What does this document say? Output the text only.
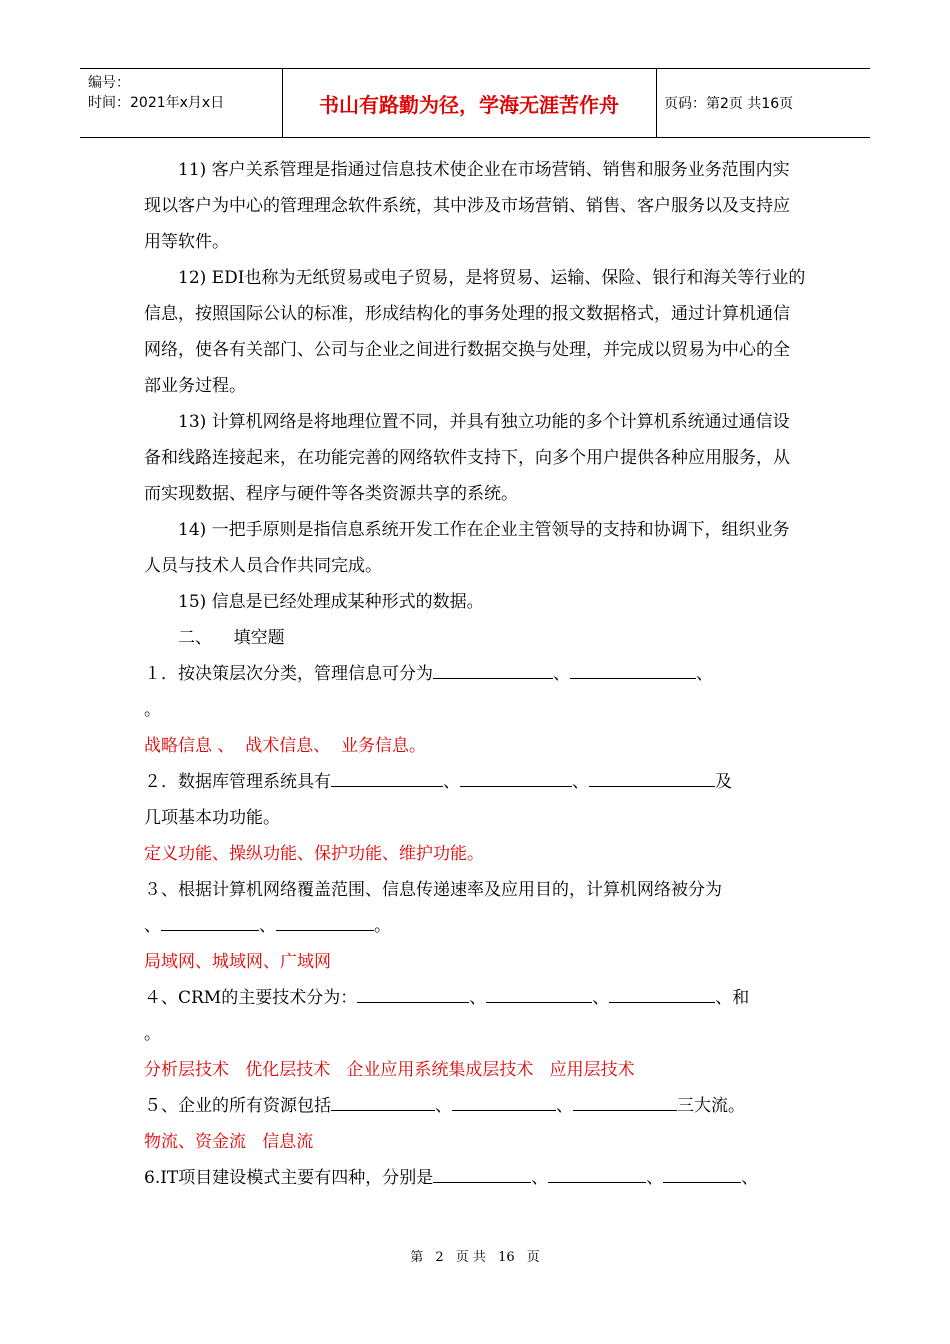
编号：
时间：2021年x月x日	书山有路勤为径，学海无涯苦作舟	页码：第2页 共16页

11) 客户关系管理是指通过信息技术使企业在市场营销、销售和服务业务范围内实现以客户为中心的管理理念软件系统，其中涉及市场营销、销售、客户服务以及支持应用等软件。

12) EDI也称为无纸贸易或电子贸易，是将贸易、运输、保险、银行和海关等行业的信息，按照国际公认的标准，形成结构化的事务处理的报文数据格式，通过计算机通信网络，使各有关部门、公司与企业之间进行数据交换与处理，并完成以贸易为中心的全部业务过程。

13) 计算机网络是将地理位置不同，并具有独立功能的多个计算机系统通过通信设备和线路连接起来，在功能完善的网络软件支持下，向多个用户提供各种应用服务，从而实现数据、程序与硬件等各类资源共享的系统。

14) 一把手原则是指信息系统开发工作在企业主管领导的支持和协调下，组织业务人员与技术人员合作共同完成。

15) 信息是已经处理成某种形式的数据。

二、    填空题

１．按决策层次分类，管理信息可分为	、	、
。

战略信息 、  战术信息、  业务信息。

２．数据库管理系统具有	、	、	及
几项基本功功能。

定义功能、操纵功能、保护功能、维护功能。

３、根据计算机网络覆盖范围、信息传递速率及应用目的，计算机网络被分为
、	、	。

局域网、城域网、广域网

４、CRM的主要技术分为：	、	、	、和
。

分析层技术   优化层技术   企业应用系统集成层技术   应用层技术

５、企业的所有资源包括	、	、	三大流。

物流、资金流   信息流

6.IT项目建设模式主要有四种，分别是	、	、	、

第 2 页 共 16 页
